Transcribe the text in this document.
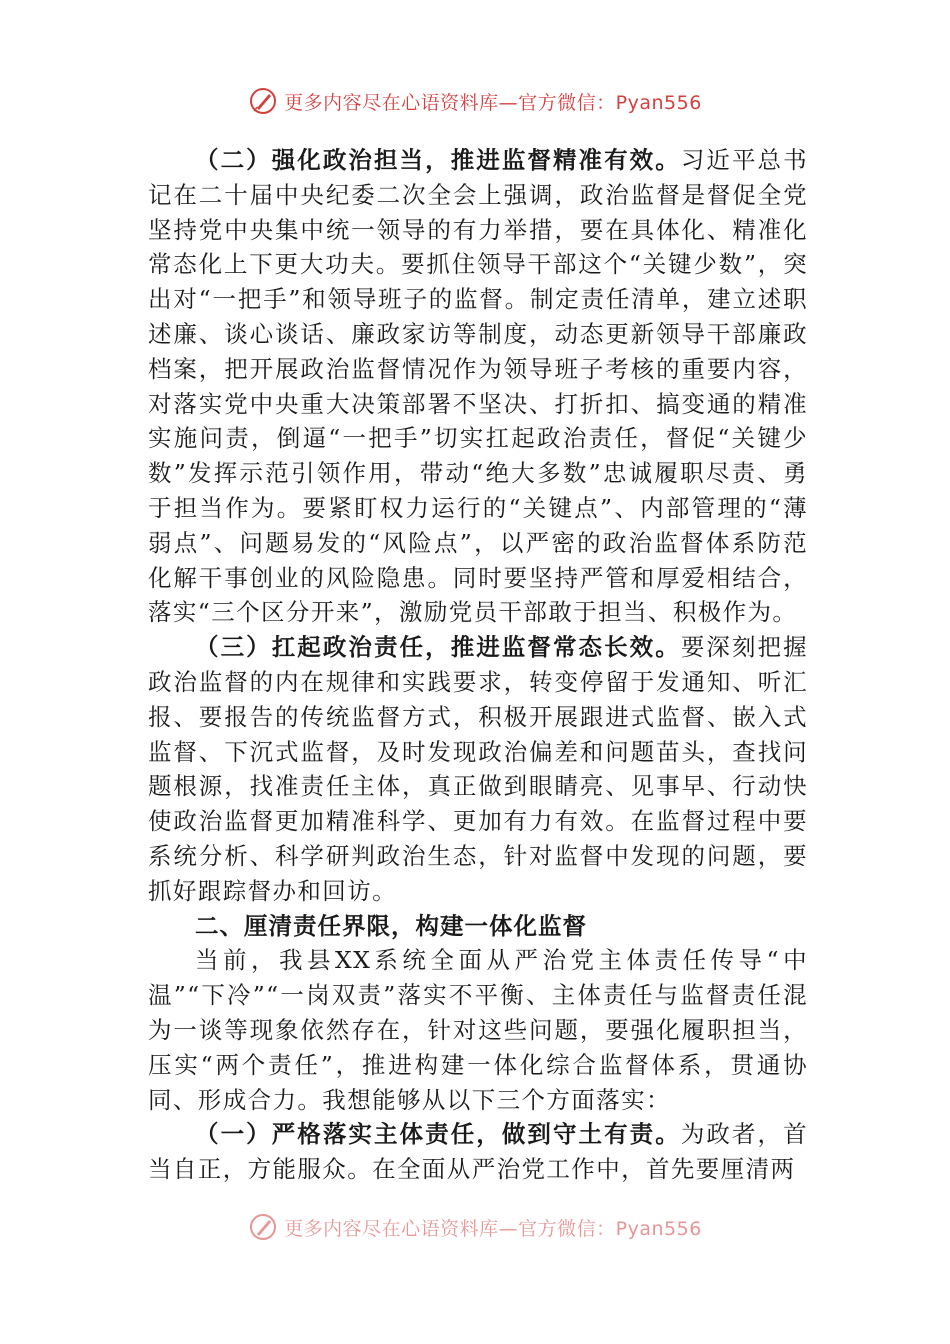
更多内容尽在心语资料库—官方微信：Pyan556

（二）强化政治担当，推进监督精准有效。习近平总书记在二十届中央纪委二次全会上强调，政治监督是督促全党坚持党中央集中统一领导的有力举措，要在具体化、精准化常态化上下更大功夫。要抓住领导干部这个“关键少数”，突出对“一把手”和领导班子的监督。制定责任清单，建立述职述廉、谈心谈话、廉政家访等制度，动态更新领导干部廉政档案，把开展政治监督情况作为领导班子考核的重要内容，对落实党中央重大决策部署不坚决、打折扣、搞变通的精准实施问责，倒逼“一把手”切实扛起政治责任，督促“关键少数”发挥示范引领作用，带动“绝大多数”忠诚履职尽责、勇于担当作为。要紧盯权力运行的“关键点”、内部管理的“薄弱点”、问题易发的“风险点”，以严密的政治监督体系防范化解干事创业的风险隐患。同时要坚持严管和厚爱相结合，落实“三个区分开来”，激励党员干部敢于担当、积极作为。

（三）扛起政治责任，推进监督常态长效。要深刻把握政治监督的内在规律和实践要求，转变停留于发通知、听汇报、要报告的传统监督方式，积极开展跟进式监督、嵌入式监督、下沉式监督，及时发现政治偏差和问题苗头，查找问题根源，找准责任主体，真正做到眼睛亮、见事早、行动快使政治监督更加精准科学、更加有力有效。在监督过程中要系统分析、科学研判政治生态，针对监督中发现的问题，要抓好跟踪督办和回访。

二、厘清责任界限，构建一体化监督

当前，我县XX系统全面从严治党主体责任传导“中温”“下冷”“一岗双责”落实不平衡、主体责任与监督责任混为一谈等现象依然存在，针对这些问题，要强化履职担当，压实“两个责任”，推进构建一体化综合监督体系，贯通协同、形成合力。我想能够从以下三个方面落实：

（一）严格落实主体责任，做到守土有责。为政者，首当自正，方能服众。在全面从严治党工作中，首先要厘清两

更多内容尽在心语资料库—官方微信：Pyan556
